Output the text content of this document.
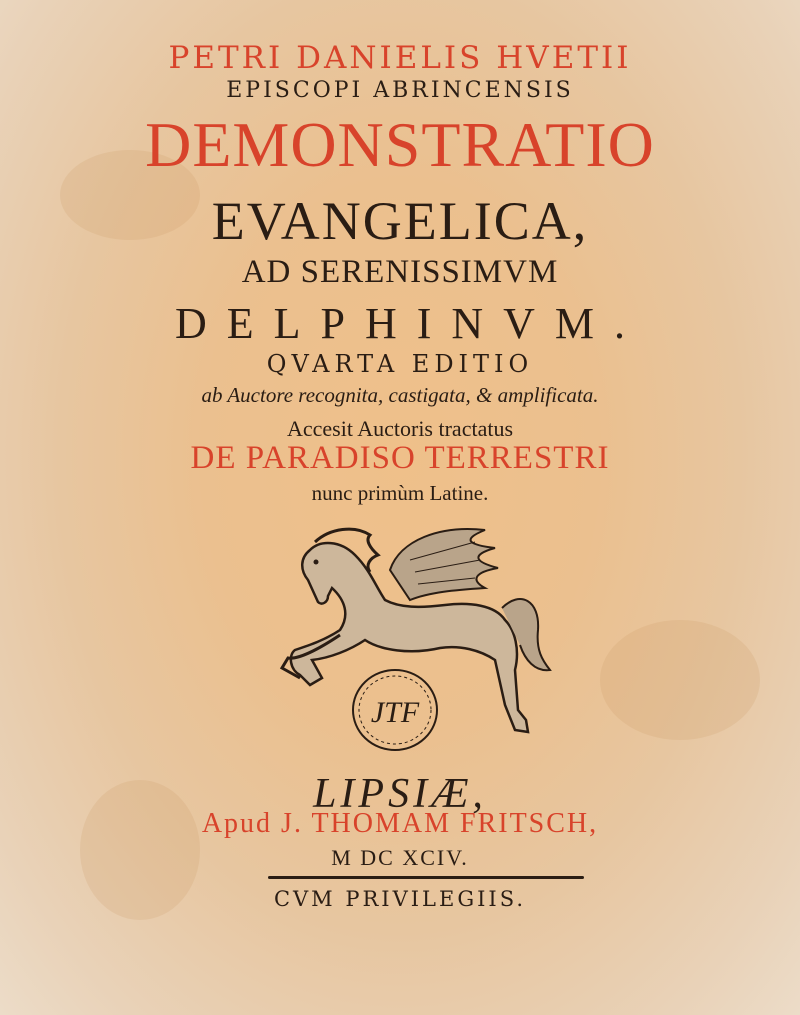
PETRI DANIELIS HVETII
EPISCOPI ABRINCENSIS
DEMONSTRATIO
EVANGELICA,
AD SERENISSIMVM
DELPHINVM.
QVARTA EDITIO
ab Auctore recognita, castigata, & amplificata.
Accesit Auctoris tractatus
DE PARADISO TERRESTRI
nunc primùm Latine.
JTF
LIPSIÆ,
Apud J. THOMAM FRITSCH,
M DC XCIV.
CVM PRIVILEGIIS.
